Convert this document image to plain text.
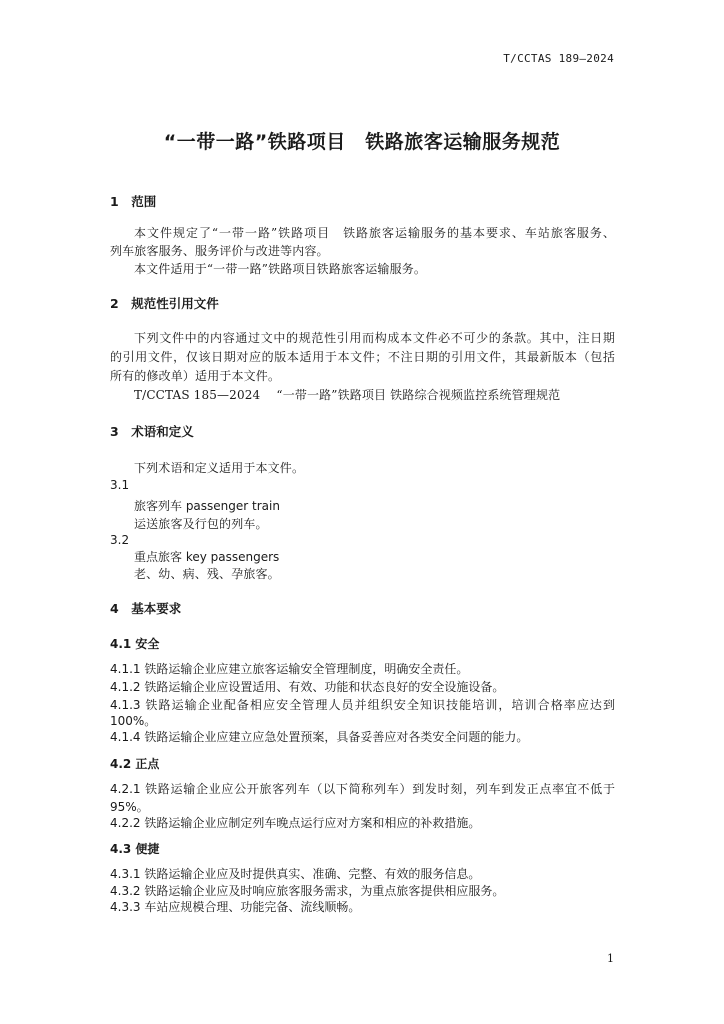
T/CCTAS 189—2024
“一带一路”铁路项目　铁路旅客运输服务规范
1　范围
本文件规定了“一带一路”铁路项目　铁路旅客运输服务的基本要求、车站旅客服务、
列车旅客服务、服务评价与改进等内容。
本文件适用于“一带一路”铁路项目铁路旅客运输服务。
2　规范性引用文件
下列文件中的内容通过文中的规范性引用而构成本文件必不可少的条款。其中，注日期
的引用文件，仅该日期对应的版本适用于本文件；不注日期的引用文件，其最新版本（包括
所有的修改单）适用于本文件。
T/CCTAS 185—2024　 “一带一路”铁路项目 铁路综合视频监控系统管理规范
3　术语和定义
下列术语和定义适用于本文件。
3.1
旅客列车 passenger train
运送旅客及行包的列车。
3.2
重点旅客 key passengers
老、幼、病、残、孕旅客。
4　基本要求
4.1 安全
4.1.1 铁路运输企业应建立旅客运输安全管理制度，明确安全责任。
4.1.2 铁路运输企业应设置适用、有效、功能和状态良好的安全设施设备。
4.1.3 铁路运输企业配备相应安全管理人员并组织安全知识技能培训，培训合格率应达到
100%。
4.1.4 铁路运输企业应建立应急处置预案，具备妥善应对各类安全问题的能力。
4.2 正点
4.2.1 铁路运输企业应公开旅客列车（以下简称列车）到发时刻，列车到发正点率宜不低于
95%。
4.2.2 铁路运输企业应制定列车晚点运行应对方案和相应的补救措施。
4.3 便捷
4.3.1 铁路运输企业应及时提供真实、准确、完整、有效的服务信息。
4.3.2 铁路运输企业应及时响应旅客服务需求，为重点旅客提供相应服务。
4.3.3 车站应规模合理、功能完备、流线顺畅。
1
